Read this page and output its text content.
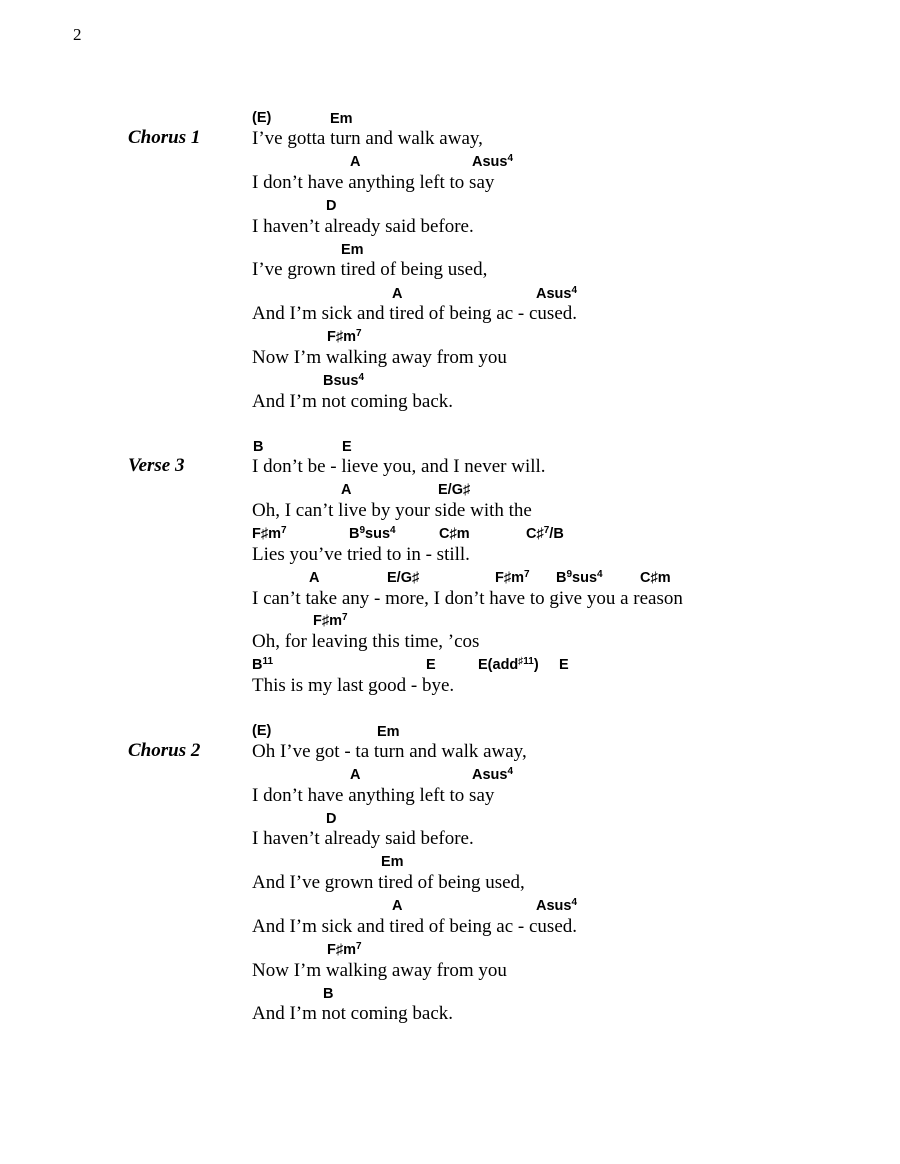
2
Chorus 1
(E)	Em
I’ve gotta turn and walk away,
A	Asus$^4$
I don’t have anything left to say
D
I haven’t already said before.
Em
I’ve grown tired of being used,
A	Asus$^4$
And I’m sick and tired of being ac - cused.
$F♯m^7$
Now I’m walking away from you
Bsus$^4$
And I’m not coming back.
Verse 3
B	E
I don’t be - lieve you, and I never will.
A	E/G♯
Oh, I can’t live by your side with the
$F♯m^7$	$B^9sus^4$	C♯m	C♯$^7$/B
Lies you’ve tried to in - still.
A	E/G♯	$F♯m^7$ $B^9sus^4$	C♯m
I can’t take any - more, I don’t have to give you a reason
$F♯m^7$
Oh, for leaving this time, ’cos
$B^{11}$	E	E(add$^{♯11}$) E
This is my last good - bye.
Chorus 2
(E)	Em
Oh I’ve got - ta turn and walk away,
A	Asus$^4$
I don’t have anything left to say
D
I haven’t already said before.
Em
And I’ve grown tired of being used,
A	Asus$^4$
And I’m sick and tired of being ac - cused.
$F♯m^7$
Now I’m walking away from you
B
And I’m not coming back.
